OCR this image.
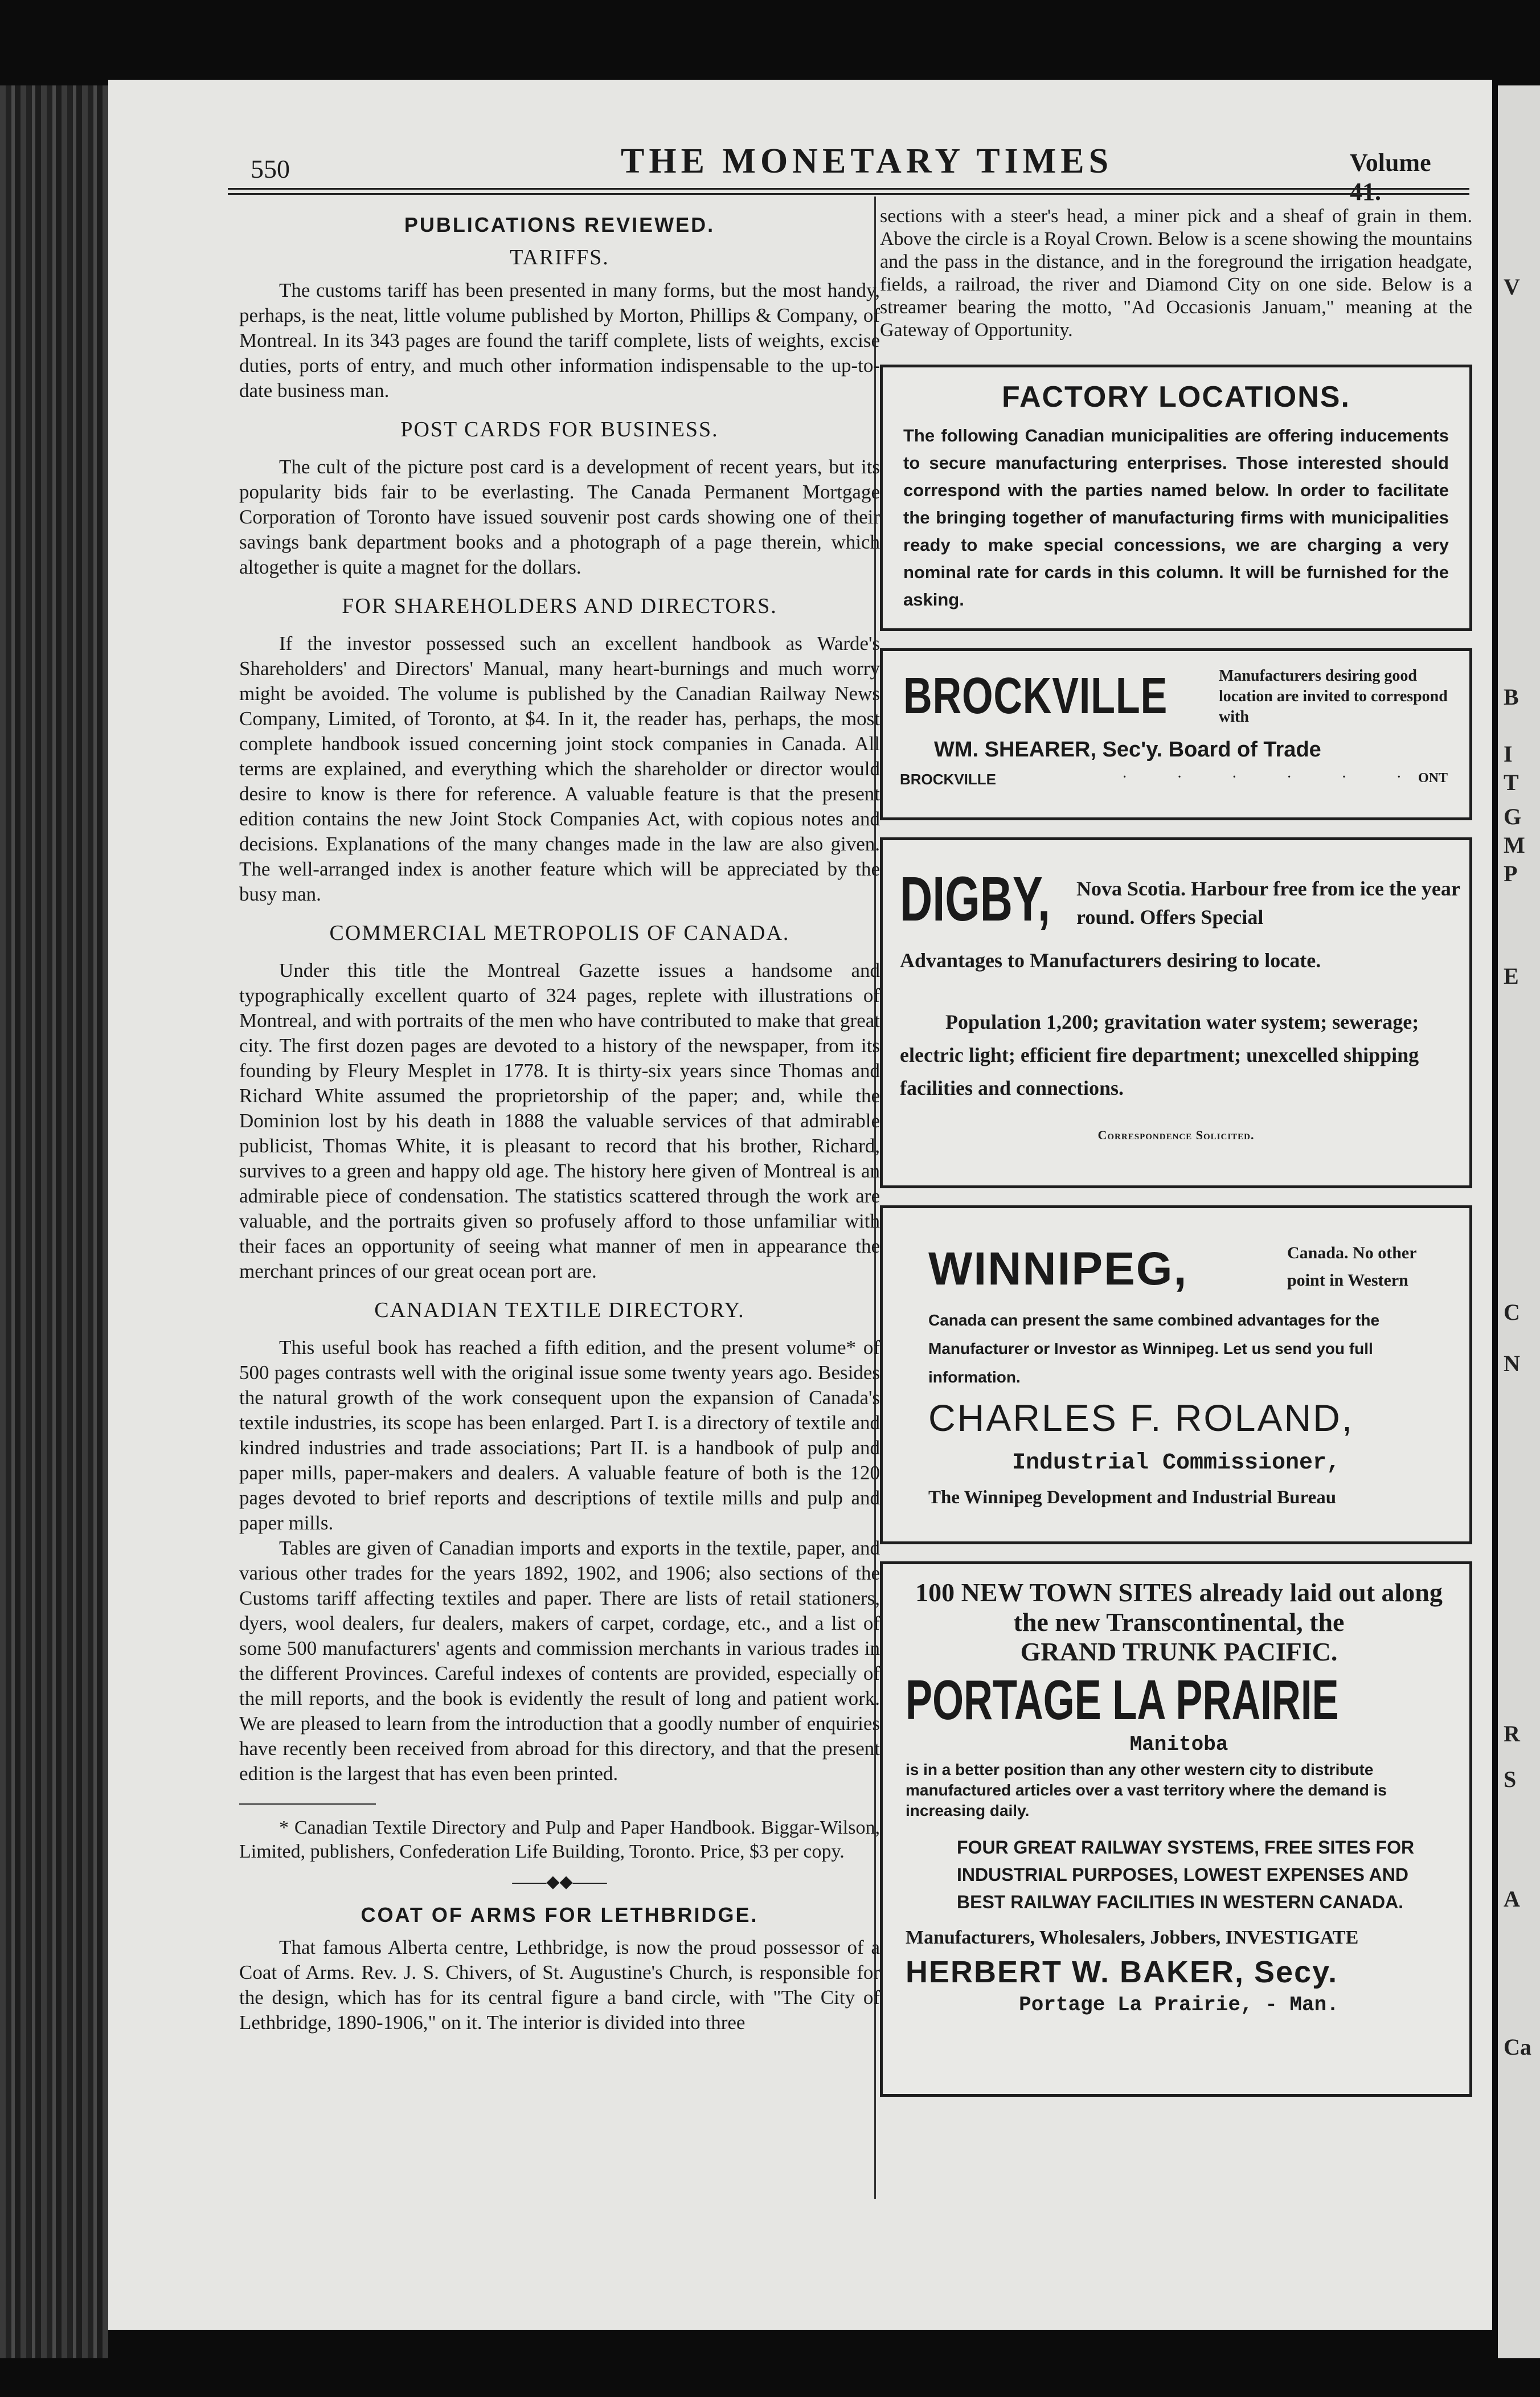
V
B
I
T
G
M
P
E
C
N
R
S
A
Ca
550	THE MONETARY TIMES	Volume 41.
PUBLICATIONS REVIEWED.
TARIFFS.

The customs tariff has been presented in many forms, but the most handy, perhaps, is the neat, little volume published by Morton, Phillips & Company, of Montreal. In its 343 pages are found the tariff complete, lists of weights, excise duties, ports of entry, and much other information indispensable to the up-to-date business man.

POST CARDS FOR BUSINESS.

The cult of the picture post card is a development of recent years, but its popularity bids fair to be everlasting. The Canada Permanent Mortgage Corporation of Toronto have issued souvenir post cards showing one of their savings bank department books and a photograph of a page therein, which altogether is quite a magnet for the dollars.

FOR SHAREHOLDERS AND DIRECTORS.

If the investor possessed such an excellent handbook as Warde's Shareholders' and Directors' Manual, many heart-burnings and much worry might be avoided. The volume is published by the Canadian Railway News Company, Limited, of Toronto, at $4. In it, the reader has, perhaps, the most complete handbook issued concerning joint stock companies in Canada. All terms are explained, and everything which the shareholder or director would desire to know is there for reference. A valuable feature is that the present edition contains the new Joint Stock Companies Act, with copious notes and decisions. Explanations of the many changes made in the law are also given. The well-arranged index is another feature which will be appreciated by the busy man.

COMMERCIAL METROPOLIS OF CANADA.

Under this title the Montreal Gazette issues a handsome and typographically excellent quarto of 324 pages, replete with illustrations of Montreal, and with portraits of the men who have contributed to make that great city. The first dozen pages are devoted to a history of the newspaper, from its founding by Fleury Mesplet in 1778. It is thirty-six years since Thomas and Richard White assumed the proprietorship of the paper; and, while the Dominion lost by his death in 1888 the valuable services of that admirable publicist, Thomas White, it is pleasant to record that his brother, Richard, survives to a green and happy old age. The history here given of Montreal is an admirable piece of condensation. The statistics scattered through the work are valuable, and the portraits given so profusely afford to those unfamiliar with their faces an opportunity of seeing what manner of men in appearance the merchant princes of our great ocean port are.

CANADIAN TEXTILE DIRECTORY.

This useful book has reached a fifth edition, and the present volume* of 500 pages contrasts well with the original issue some twenty years ago. Besides the natural growth of the work consequent upon the expansion of Canada's textile industries, its scope has been enlarged. Part I. is a directory of textile and kindred industries and trade associations; Part II. is a handbook of pulp and paper mills, paper-makers and dealers. A valuable feature of both is the 120 pages devoted to brief reports and descriptions of textile mills and pulp and paper mills.

Tables are given of Canadian imports and exports in the textile, paper, and various other trades for the years 1892, 1902, and 1906; also sections of the Customs tariff affecting textiles and paper. There are lists of retail stationers, dyers, wool dealers, fur dealers, makers of carpet, cordage, etc., and a list of some 500 manufacturers' agents and commission merchants in various trades in the different Provinces. Careful indexes of contents are provided, especially of the mill reports, and the book is evidently the result of long and patient work. We are pleased to learn from the introduction that a goodly number of enquiries have recently been received from abroad for this directory, and that the present edition is the largest that has even been printed.

* Canadian Textile Directory and Pulp and Paper Handbook. Biggar-Wilson, Limited, publishers, Confederation Life Building, Toronto. Price, $3 per copy.

——◆◆——
COAT OF ARMS FOR LETHBRIDGE.

That famous Alberta centre, Lethbridge, is now the proud possessor of a Coat of Arms. Rev. J. S. Chivers, of St. Augustine's Church, is responsible for the design, which has for its central figure a band circle, with "The City of Lethbridge, 1890-1906," on it. The interior is divided into three

sections with a steer's head, a miner pick and a sheaf of grain in them. Above the circle is a Royal Crown. Below is a scene showing the mountains and the pass in the distance, and in the foreground the irrigation headgate, fields, a railroad, the river and Diamond City on one side. Below is a streamer bearing the motto, "Ad Occasionis Januam," meaning at the Gateway of Opportunity.

FACTORY LOCATIONS.
The following Canadian municipalities are offering inducements to secure manufacturing enterprises. Those interested should correspond with the parties named below. In order to facilitate the bringing together of manufacturing firms with municipalities ready to make special concessions, we are charging a very nominal rate for cards in this column. It will be furnished for the asking.
BROCKVILLE	Manufacturers desiring good location are invited to correspond with
WM. SHEARER, Sec'y. Board of Trade
BROCKVILLE	· · · · · ·
ONT
DIGBY, Nova Scotia. Harbour free from ice the year round. Offers Special
Advantages to Manufacturers desiring to locate.
Population 1,200; gravitation water system; sewerage; electric light; efficient fire department; unexcelled shipping facilities and connections.
Correspondence Solicited.
WINNIPEG,	Canada. No other point in Western
Canada can present the same combined advantages for the Manufacturer or Investor as Winnipeg. Let us send you full information.
CHARLES F. ROLAND,
Industrial Commissioner,
The Winnipeg Development and Industrial Bureau
100 NEW TOWN SITES already laid out along the new Transcontinental, the
GRAND TRUNK PACIFIC.
PORTAGE LA PRAIRIE
Manitoba
is in a better position than any other western city to distribute manufactured articles over a vast territory where the demand is increasing daily.
FOUR GREAT RAILWAY SYSTEMS, FREE SITES FOR INDUSTRIAL PURPOSES, LOWEST EXPENSES AND BEST RAILWAY FACILITIES IN WESTERN CANADA.
Manufacturers, Wholesalers, Jobbers, INVESTIGATE
HERBERT W. BAKER, Secy.
Portage La Prairie, - Man.
